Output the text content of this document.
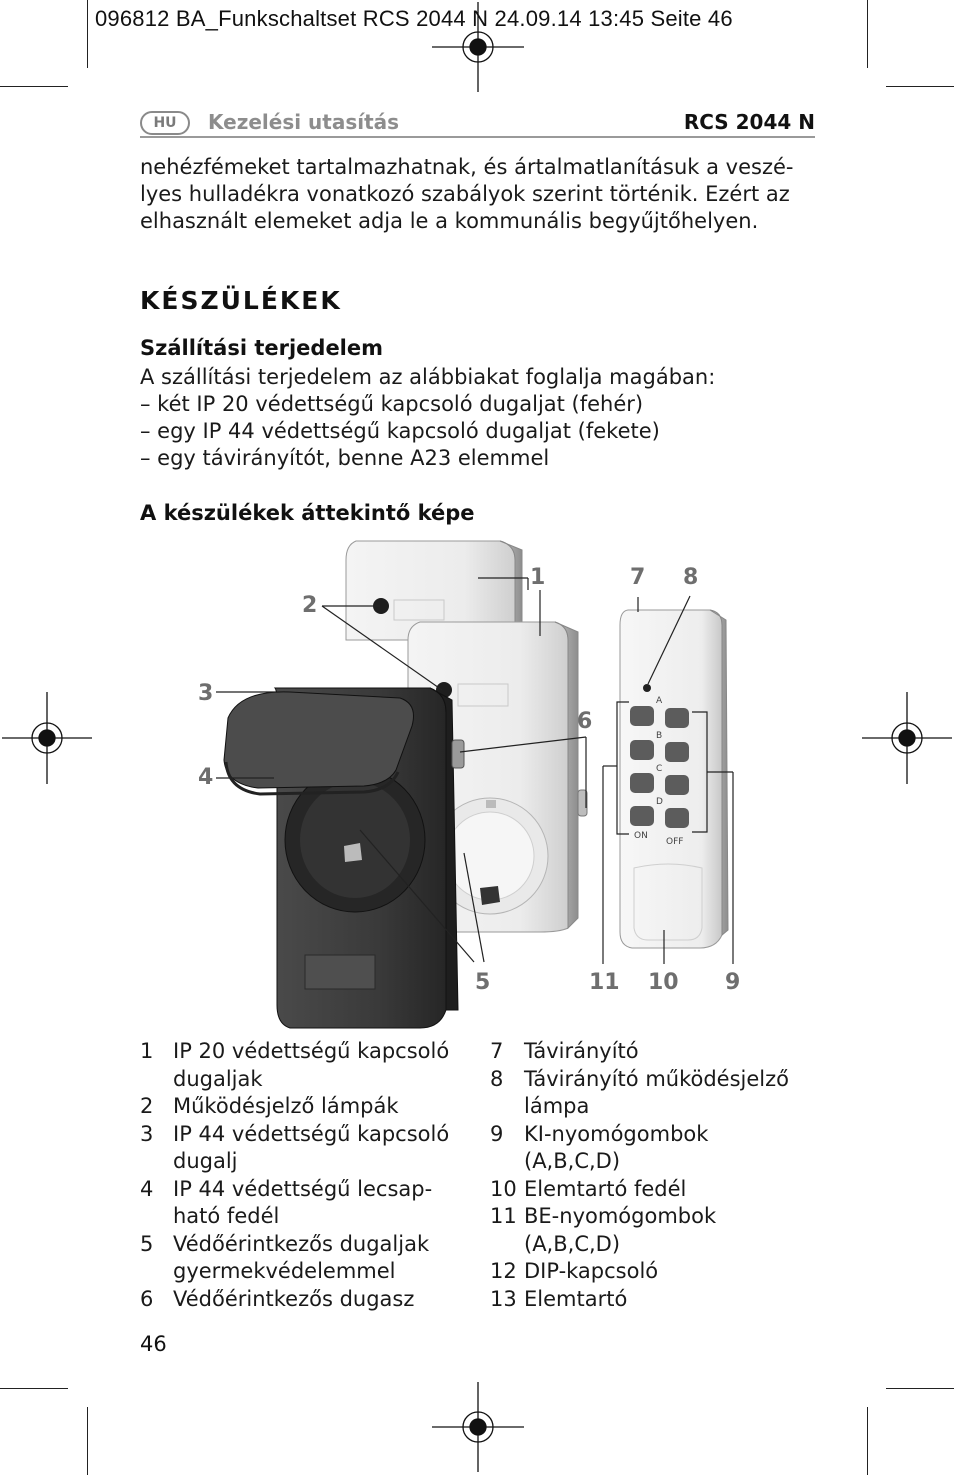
096812 BA_Funkschaltset RCS 2044 N 24.09.14 13:45 Seite 46
HU	Kezelési utasítás	RCS 2044 N
nehézfémeket tartalmazhatnak, és ártalmatlanításuk a veszé-
lyes hulladékra vonatkozó szabályok szerint történik. Ezért az
elhasznált elemeket adja le a kommunális begyűjtőhelyen.
KÉSZÜLÉKEK
Szállítási terjedelem
A szállítási terjedelem az alábbiakat foglalja magában:
– két IP 20 védettségű kapcsoló dugaljat (fehér)
– egy IP 44 védettségű kapcsoló dugaljat (fekete)
– egy távirányítót, benne A23 elemmel
A készülékek áttekintő képe
A
B
C
D
ON
OFF
1
2
3
4
5
6
7 8
9
10
11
1 IP 20 védettségű kapcsoló
dugaljak
2 Működésjelző lámpák
3 IP 44 védettségű kapcsoló
dugalj
4 IP 44 védettségű lecsap-
ható fedél
5 Védőérintkezős dugaljak
gyermekvédelemmel
6 Védőérintkezős dugasz
7 Távirányító
8 Távirányító működésjelző
lámpa
9 KI-nyomógombok
(A,B,C,D)
10 Elemtartó fedél
11 BE-nyomógombok
(A,B,C,D)
12 DIP-kapcsoló
13 Elemtartó
46
